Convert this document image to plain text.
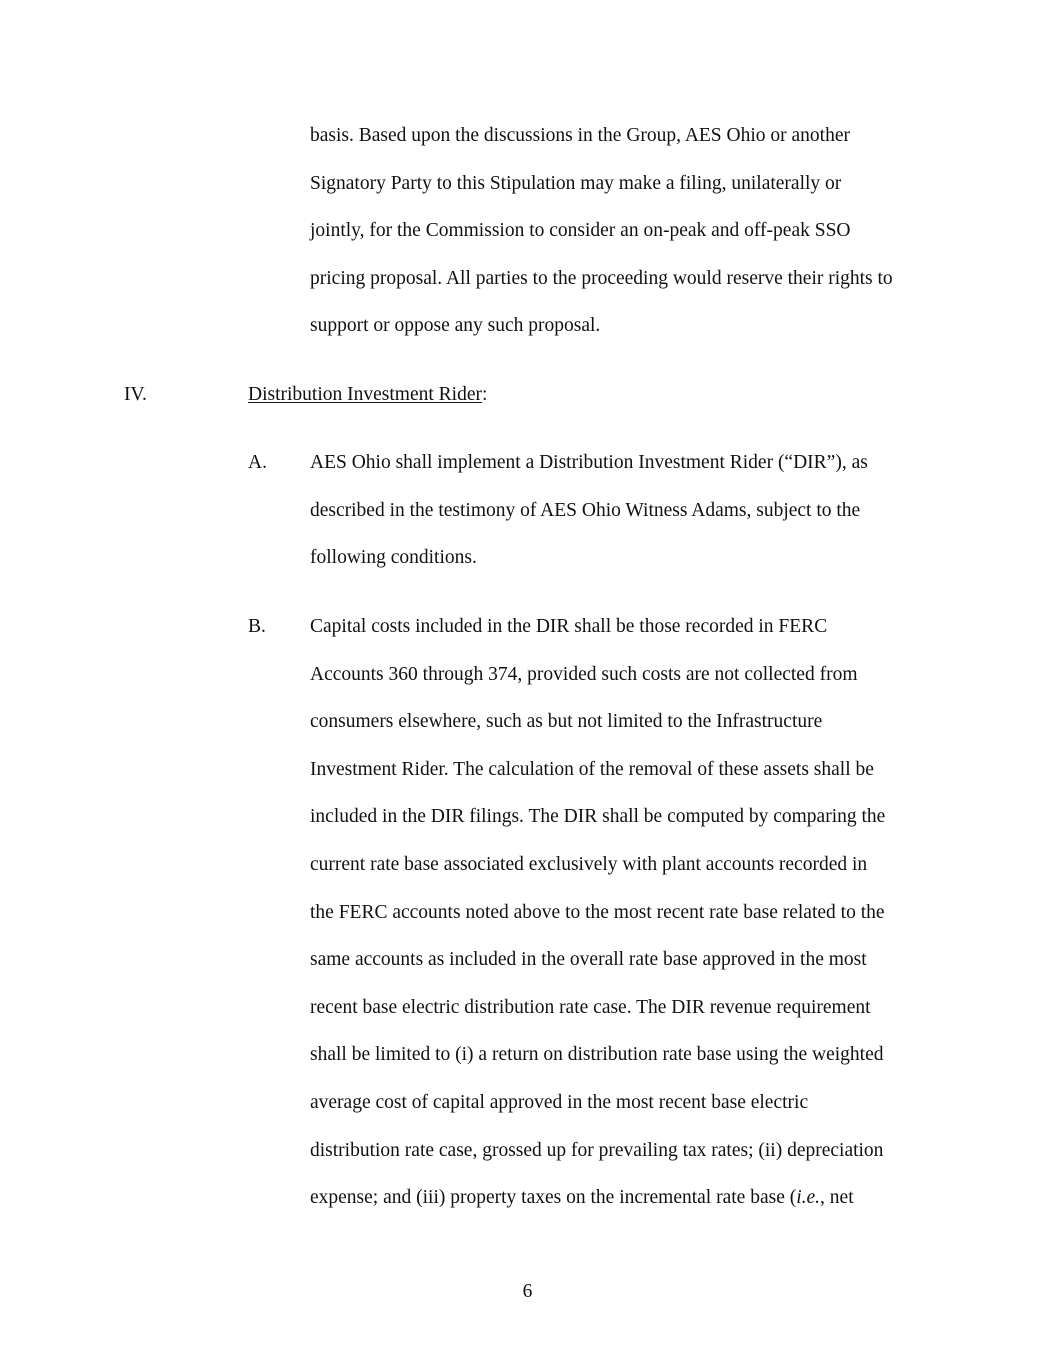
basis. Based upon the discussions in the Group, AES Ohio or another
Signatory Party to this Stipulation may make a filing, unilaterally or
jointly, for the Commission to consider an on-peak and off-peak SSO
pricing proposal. All parties to the proceeding would reserve their rights to
support or oppose any such proposal.
IV.	Distribution Investment Rider:
A. AES Ohio shall implement a Distribution Investment Rider (“DIR”), as
described in the testimony of AES Ohio Witness Adams, subject to the
following conditions.
B. Capital costs included in the DIR shall be those recorded in FERC
Accounts 360 through 374, provided such costs are not collected from
consumers elsewhere, such as but not limited to the Infrastructure
Investment Rider. The calculation of the removal of these assets shall be
included in the DIR filings. The DIR shall be computed by comparing the
current rate base associated exclusively with plant accounts recorded in
the FERC accounts noted above to the most recent rate base related to the
same accounts as included in the overall rate base approved in the most
recent base electric distribution rate case. The DIR revenue requirement
shall be limited to (i) a return on distribution rate base using the weighted
average cost of capital approved in the most recent base electric
distribution rate case, grossed up for prevailing tax rates; (ii) depreciation
expense; and (iii) property taxes on the incremental rate base (i.e., net
6
